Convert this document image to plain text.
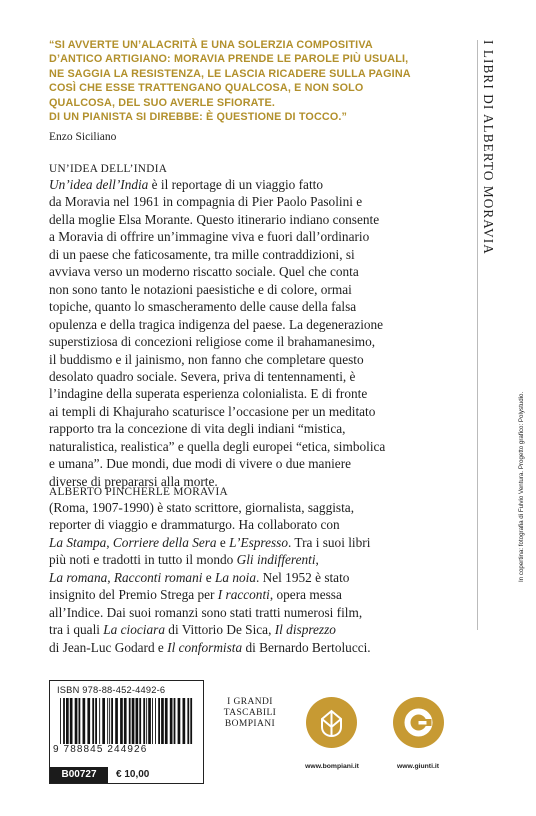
“SI AVVERTE UN’ALACRITÀ E UNA SOLERZIA COMPOSITIVA
D’ANTICO ARTIGIANO: MORAVIA PRENDE LE PAROLE PIÙ USUALI,
NE SAGGIA LA RESISTENZA, LE LASCIA RICADERE SULLA PAGINA
COSÌ CHE ESSE TRATTENGANO QUALCOSA, E NON SOLO
QUALCOSA, DEL SUO AVERLE SFIORATE.
DI UN PIANISTA SI DIREBBE: È QUESTIONE DI TOCCO.”
Enzo Siciliano	I LIBRI DI ALBERTO MORAVIA
In copertina: fotografia di Fulvio Ventura. Progetto grafico: Polystudio.
UN’IDEA DELL’INDIA
Un’idea dell’India è il reportage di un viaggio fatto
da Moravia nel 1961 in compagnia di Pier Paolo Pasolini e
della moglie Elsa Morante. Questo itinerario indiano consente
a Moravia di offrire un’immagine viva e fuori dall’ordinario
di un paese che faticosamente, tra mille contraddizioni, si
avviava verso un moderno riscatto sociale. Quel che conta
non sono tanto le notazioni paesistiche e di colore, ormai
topiche, quanto lo smascheramento delle cause della falsa
opulenza e della tragica indigenza del paese. La degenerazione
superstiziosa di concezioni religiose come il brahamanesimo,
il buddismo e il jainismo, non fanno che completare questo
desolato quadro sociale. Severa, priva di tentennamenti, è
l’indagine della superata esperienza colonialista. E di fronte
ai templi di Khajuraho scaturisce l’occasione per un meditato
rapporto tra la concezione di vita degli indiani “mistica,
naturalistica, realistica” e quella degli europei “etica, simbolica
e umana”. Due mondi, due modi di vivere o due maniere
diverse di prepararsi alla morte.
ALBERTO PINCHERLE MORAVIA
(Roma, 1907-1990) è stato scrittore, giornalista, saggista,
reporter di viaggio e drammaturgo. Ha collaborato con
La Stampa, Corriere della Sera e L’Espresso. Tra i suoi libri
più noti e tradotti in tutto il mondo Gli indifferenti,
La romana, Racconti romani e La noia. Nel 1952 è stato
insignito del Premio Strega per I racconti, opera messa
all’Indice. Dai suoi romanzi sono stati tratti numerosi film,
tra i quali La ciociara di Vittorio De Sica, Il disprezzo
di Jean-Luc Godard e Il conformista di Bernardo Bertolucci.
ISBN 978-88-452-4492-6
9 788845 244926
B00727	€ 10,00
I GRANDI
TASCABILI
BOMPIANI
www.bompiani.it	www.giunti.it
